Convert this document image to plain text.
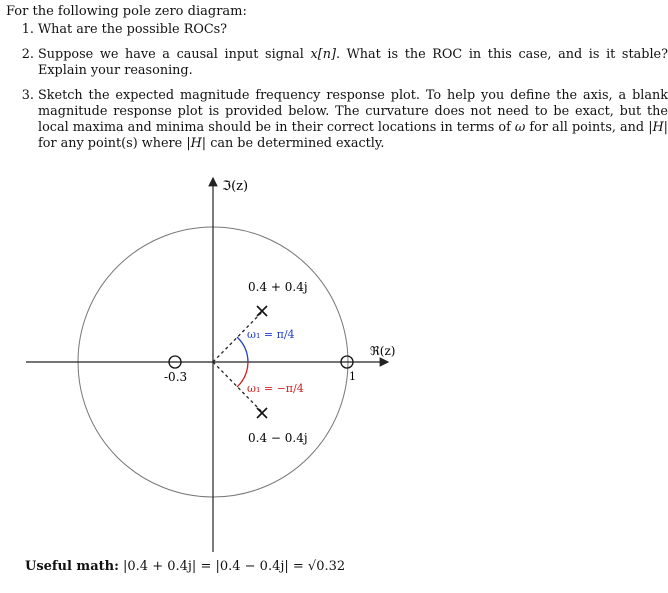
For the following pole zero diagram:
1. What are the possible ROCs?
2. Suppose we have a causal input signal x[n]. What is the ROC in this case, and is it stable? Explain your reasoning.
3. Sketch the expected magnitude frequency response plot. To help you define the axis, a blank magnitude response plot is provided below. The curvature does not need to be exact, but the local maxima and minima should be in their correct locations in terms of ω for all points, and |H| for any point(s) where |H| can be determined exactly.
ℑ(z)
ℜ(z)
ω₁ = π/4
ω₁ = −π/4
0.4 + 0.4j
0.4 − 0.4j
-0.3	1
Useful math: |0.4 + 0.4j| = |0.4 − 0.4j| = √0.32
